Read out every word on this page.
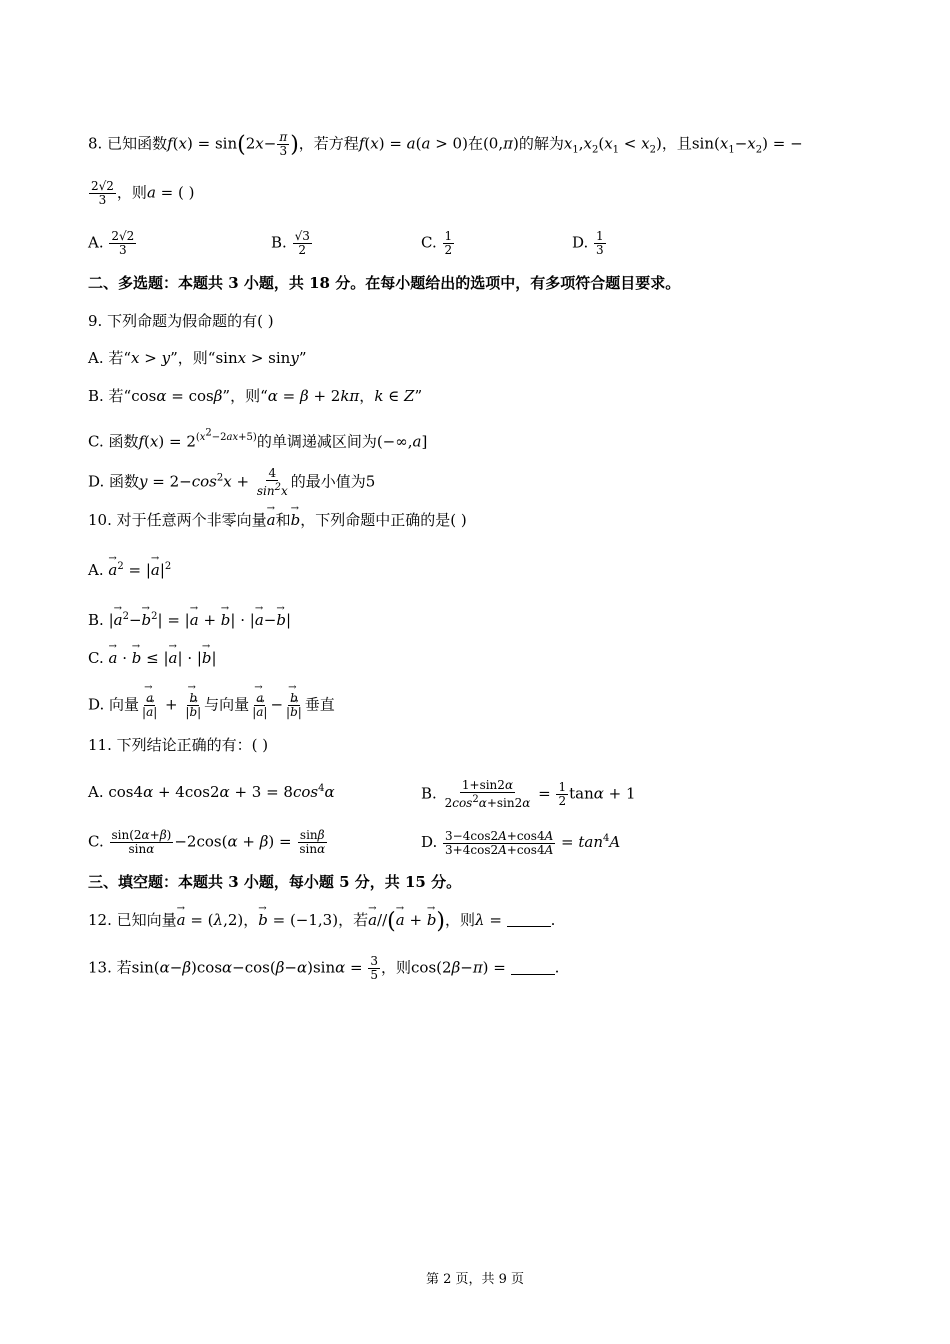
8. 已知函数$f(x) = \sin(2x- \frac{\pi}{3}$ )，若方程f(x) = a(a > 0)在(0,π)的解为$x_1,x_2(x_1 < x_2)$，且$\sin(x_1-x_2)$ = −
$\frac{2√2}{3}$ ，则a = ( )
A. $\frac{2√2}{3}$	B. $\frac{√3}{2}$	C. $\frac{1}{2}$	D. $\frac{1}{3}$
二、多选题：本题共 3 小题，共 18 分。在每小题给出的选项中，有多项符合题目要求。
9. 下列命题为假命题的有( )
A. 若“x > y”，则“sinx > siny”
B. 若“cosα = cosβ”，则“α = β + 2kπ，k ∈ Z”
C. 函数$f(x) = 2^{(x^2-2ax+5)}$的单调递减区间为(−∞,a]
D. 函数$y = 2-\cos^2x + \frac{4}{\sin^2x}$ 的最小值为5
10. 对于任意两个非零向量→ a和→ b，下列命题中正确的是( )
A. → $a^2$ = |→ $a|^2$
B. |→ $a^2-\to b^2|$ = |→ a + → b| · |→ a−→ b|
C. → a · → b ≤ |→ a| · |→ b|
D. 向量 → $\frac{a}{|\to a|}$ + → $\frac{b}{|\to b|}$ 与向量 → $\frac{a}{|\to a|}$ − → $\frac{b}{|\to b|}$ 垂直
11. 下列结论正确的有：( )
A. $\cos 4\alpha + 4\cos 2\alpha + 3 = 8\cos^4\alpha$	B. $\frac{1+\sin 2\alpha}{2\cos^2\alpha+\sin 2\alpha} = \frac{1}{2}$ tanα + 1
C. $\frac{\sin(2\alpha+\beta)}{\sin\alpha} -2\cos(\alpha + \beta) = \frac{\sin\beta}{\sin\alpha}$	D. $\frac{3-4\cos 2A+\cos 4A}{3+4\cos 2A+\cos 4A} = \tan^4A$
三、填空题：本题共 3 小题，每小题 5 分，共 15 分。
12. 已知向量→ a = (λ,2)，→ b = (−1,3)，若→ a//(→ a + → b)，则λ =	.
13. 若$\sin(\alpha-\beta)\cos\alpha-\cos(\beta-\alpha)\sin\alpha = \frac{3}{5}$ ，则cos(2β−π) =	.
第 2 页，共 9 页
